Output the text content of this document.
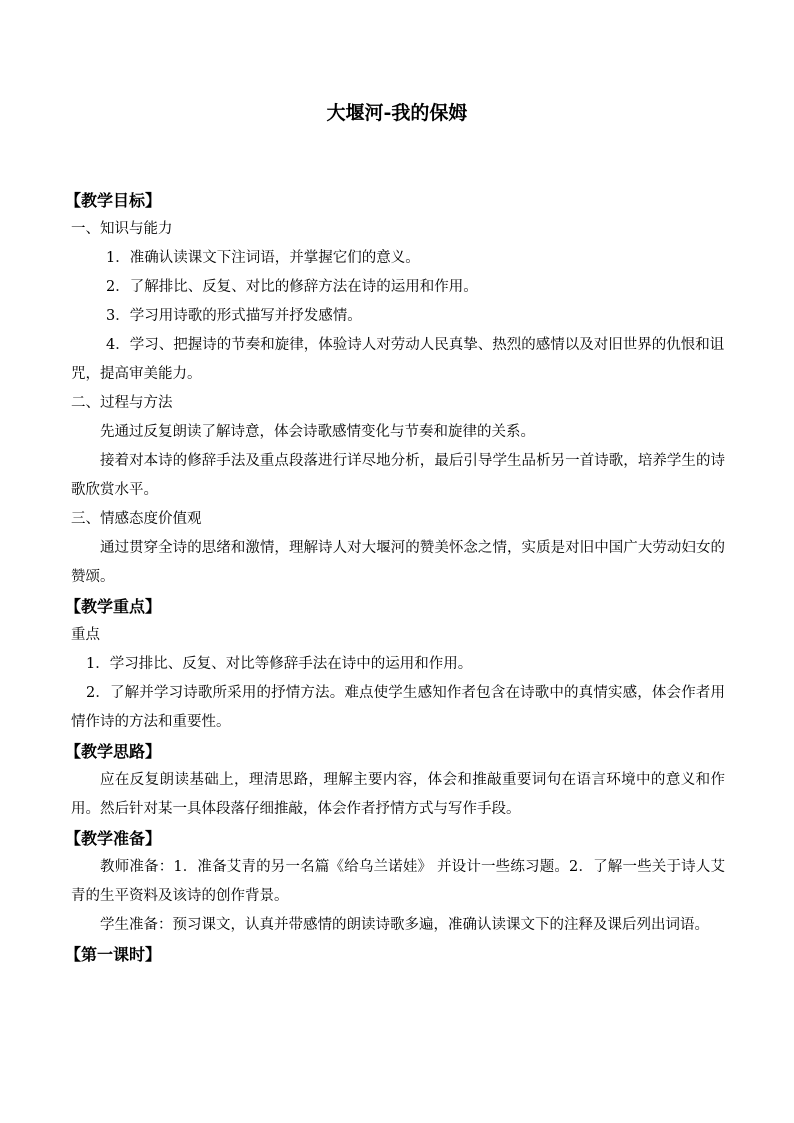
大堰河-我的保姆
【教学目标】
一、知识与能力
1．准确认读课文下注词语，并掌握它们的意义。
2．了解排比、反复、对比的修辞方法在诗的运用和作用。
3．学习用诗歌的形式描写并抒发感情。
4．学习、把握诗的节奏和旋律，体验诗人对劳动人民真挚、热烈的感情以及对旧世界的仇恨和诅咒，提高审美能力。
二、过程与方法
先通过反复朗读了解诗意，体会诗歌感情变化与节奏和旋律的关系。
接着对本诗的修辞手法及重点段落进行详尽地分析，最后引导学生品析另一首诗歌，培养学生的诗歌欣赏水平。
三、情感态度价值观
通过贯穿全诗的思绪和激情，理解诗人对大堰河的赞美怀念之情，实质是对旧中国广大劳动妇女的赞颂。
【教学重点】
重点
1．学习排比、反复、对比等修辞手法在诗中的运用和作用。
2．了解并学习诗歌所采用的抒情方法。难点使学生感知作者包含在诗歌中的真情实感，体会作者用情作诗的方法和重要性。
【教学思路】
应在反复朗读基础上，理清思路，理解主要内容，体会和推敲重要词句在语言环境中的意义和作用。然后针对某一具体段落仔细推敲，体会作者抒情方式与写作手段。
【教学准备】
教师准备：1．准备艾青的另一名篇《给乌兰诺娃》 并设计一些练习题。2．了解一些关于诗人艾青的生平资料及该诗的创作背景。
学生准备：预习课文，认真并带感情的朗读诗歌多遍，准确认读课文下的注释及课后列出词语。
【第一课时】
